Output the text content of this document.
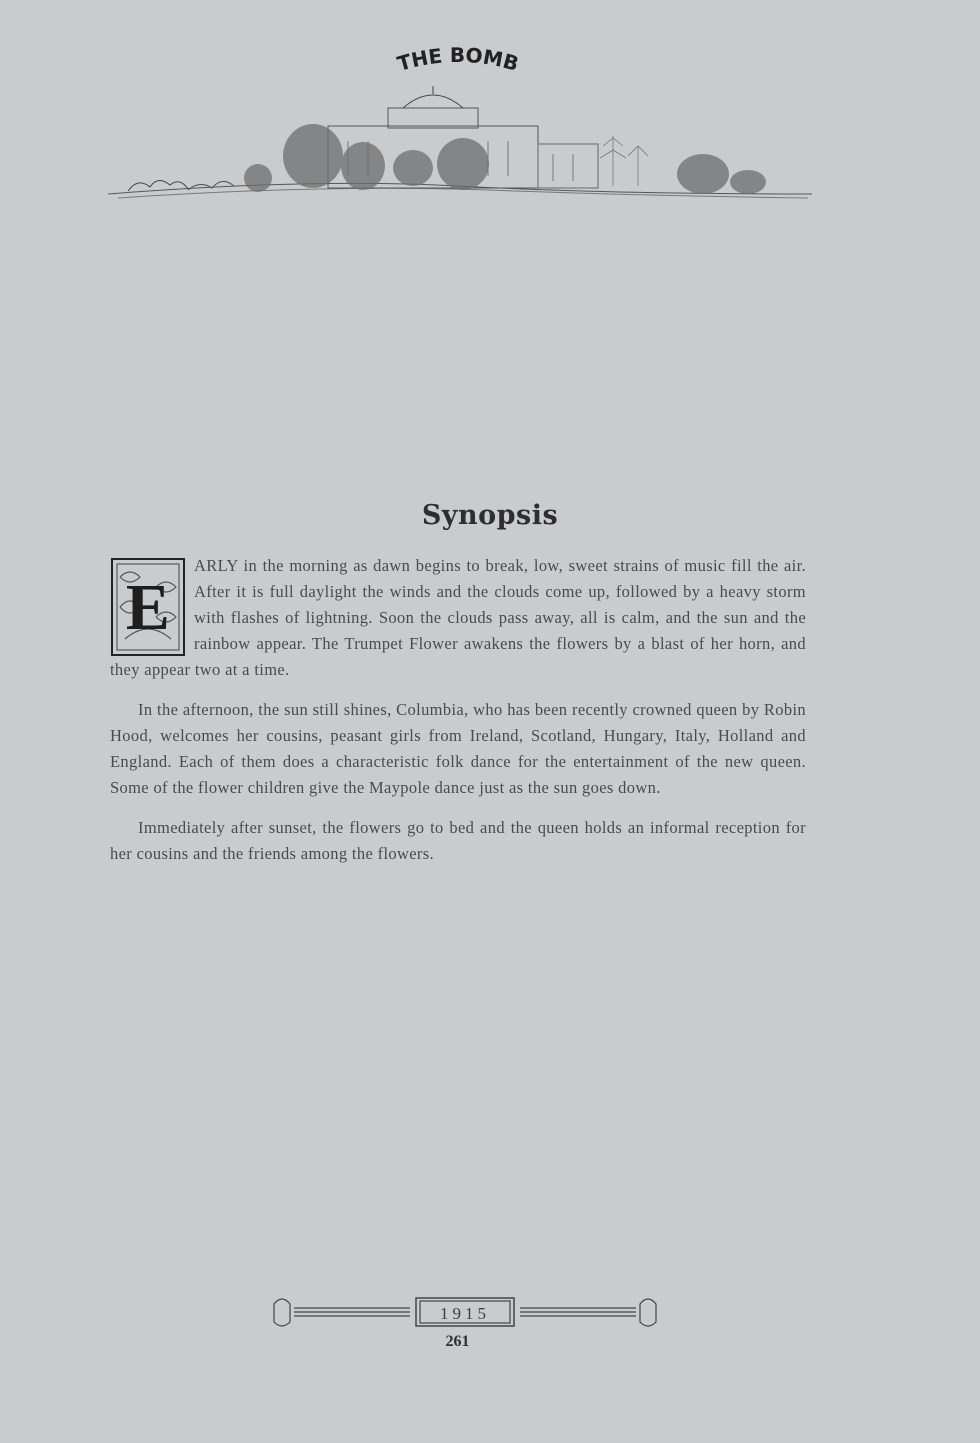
THE BOMB
Synopsis

E
ARLY in the morning as dawn begins to break, low, sweet strains of music fill the air. After it is full daylight the winds and the clouds come up, followed by a heavy storm with flashes of lightning. Soon the clouds pass away, all is calm, and the sun and the rainbow appear. The Trumpet Flower awakens the flowers by a blast of her horn, and they appear two at a time.

In the afternoon, the sun still shines, Columbia, who has been recently crowned queen by Robin Hood, welcomes her cousins, peasant girls from Ireland, Scotland, Hungary, Italy, Holland and England. Each of them does a characteristic folk dance for the entertainment of the new queen. Some of the flower children give the Maypole dance just as the sun goes down.

Immediately after sunset, the flowers go to bed and the queen holds an informal reception for her cousins and the friends among the flowers.

1915
261
